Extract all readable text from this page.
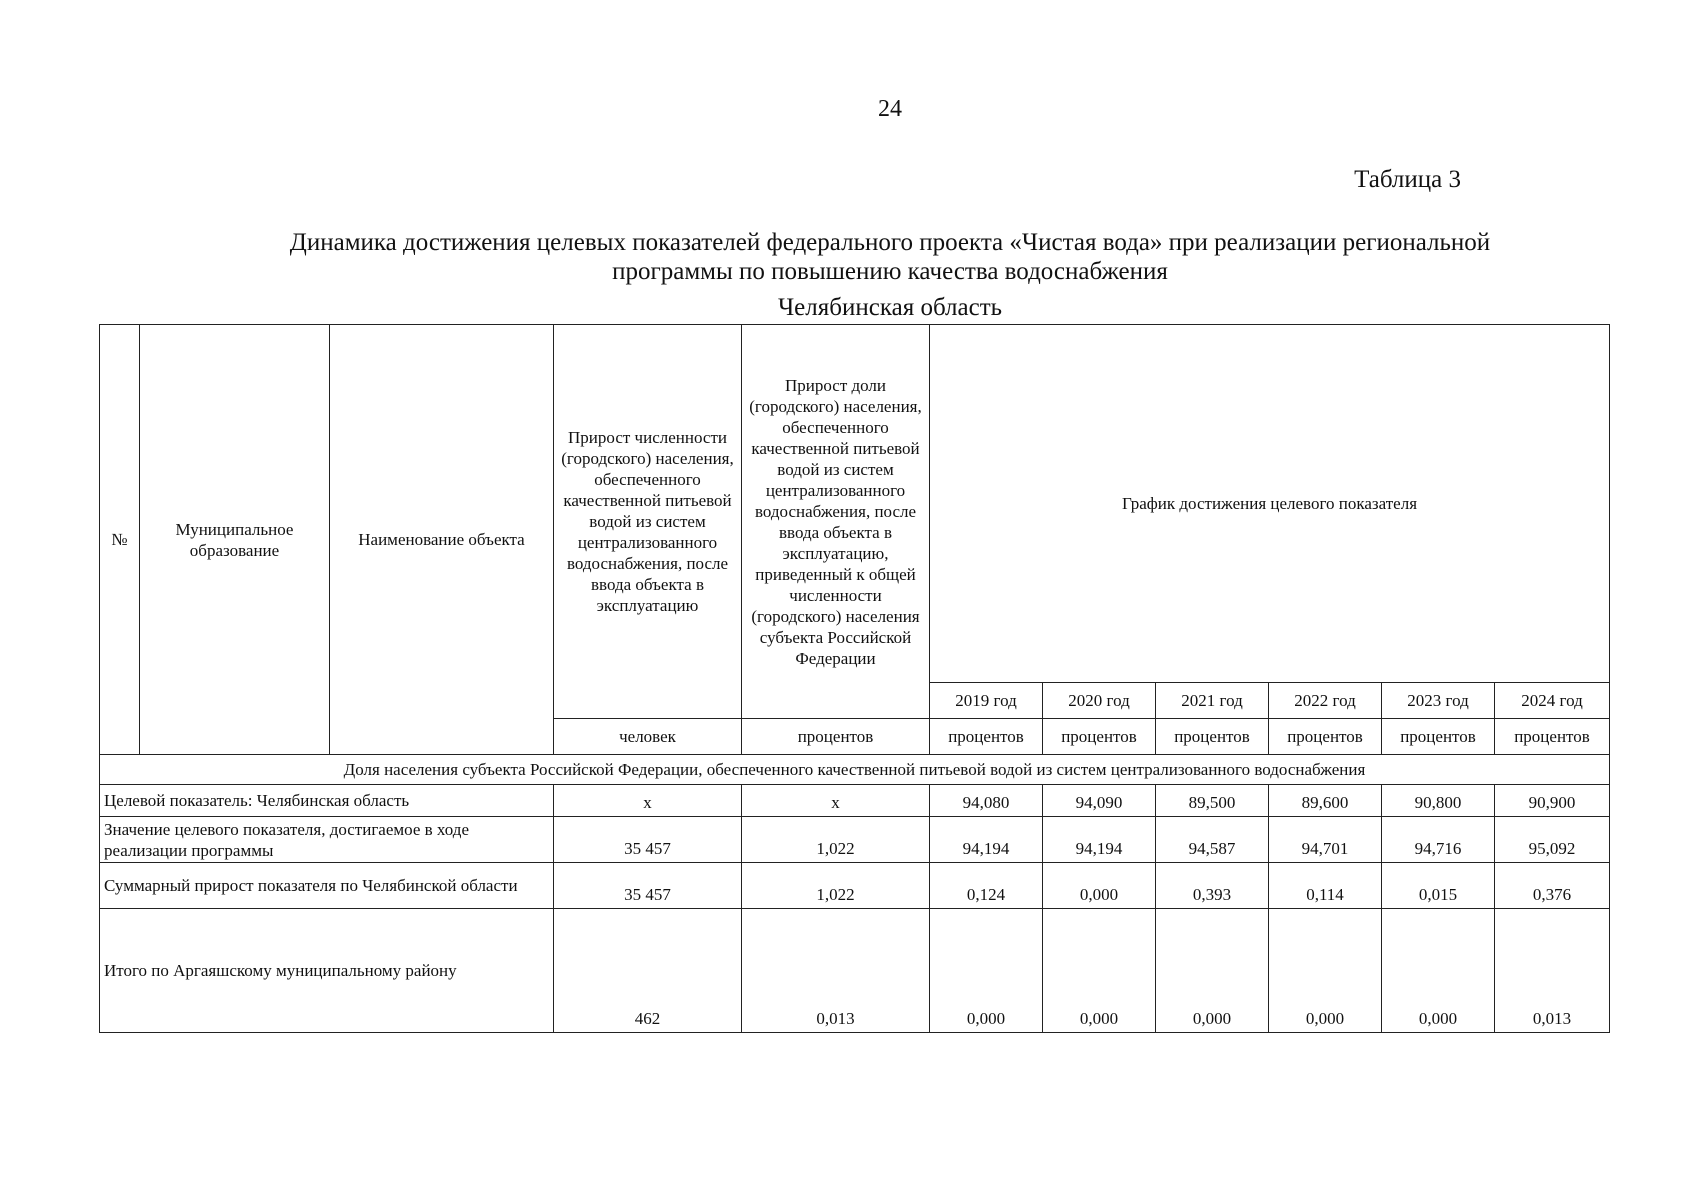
24
Таблица 3
Динамика достижения целевых показателей федерального проекта «Чистая вода» при реализации региональной
программы по повышению качества водоснабжения
Челябинская область
№	Муниципальное образование	Наименование объекта	Прирост численности (городского) населения, обеспеченного качественной питьевой водой из систем централизованного водоснабжения, после ввода объекта в эксплуатацию	Прирост доли (городского) населения, обеспеченного качественной питьевой водой из систем централизованного водоснабжения, после ввода объекта в эксплуатацию, приведенный к общей численности (городского) населения субъекта Российской Федерации	График достижения целевого показателя					
					2019 год	2020 год	2021 год	2022 год	2023 год	2024 год
			человек	процентов	процентов	процентов	процентов	процентов	процентов	процентов
Доля населения субъекта Российской Федерации, обеспеченного качественной питьевой водой из систем централизованного водоснабжения										
Целевой показатель: Челябинская область			x	x	94,080	94,090	89,500	89,600	90,800	90,900
Значение целевого показателя, достигаемое в ходе реализации программы			35 457	1,022	94,194	94,194	94,587	94,701	94,716	95,092
Суммарный прирост показателя по Челябинской области			35 457	1,022	0,124	0,000	0,393	0,114	0,015	0,376
Итого по Аргаяшскому муниципальному району			462	0,013	0,000	0,000	0,000	0,000	0,000	0,013
